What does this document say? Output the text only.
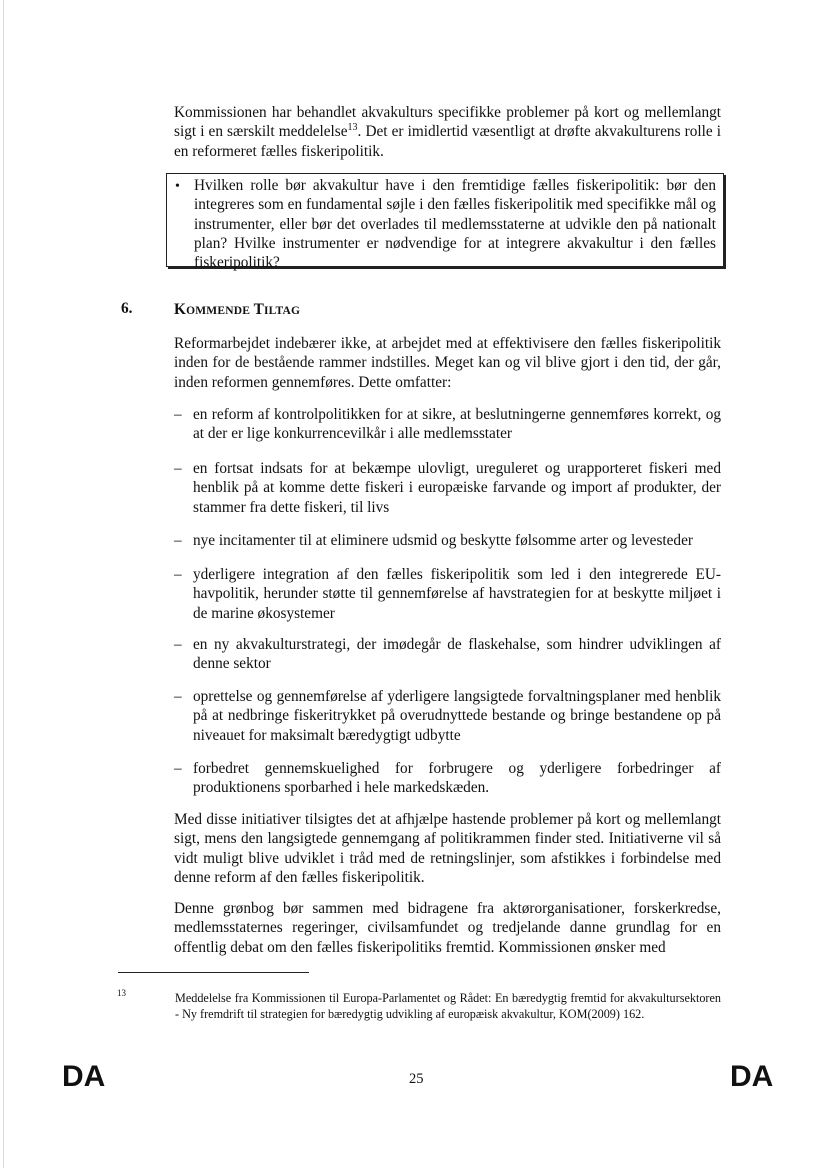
Kommissionen har behandlet akvakulturs specifikke problemer på kort og mellemlangt sigt i en særskilt meddelelse$^{13}$. Det er imidlertid væsentligt at drøfte akvakulturens rolle i en reformeret fælles fiskeripolitik.

• Hvilken rolle bør akvakultur have i den fremtidige fælles fiskeripolitik: bør den integreres som en fundamental søjle i den fælles fiskeripolitik med specifikke mål og instrumenter, eller bør det overlades til medlemsstaterne at udvikle den på nationalt plan? Hvilke instrumenter er nødvendige for at integrere akvakultur i den fælles fiskeripolitik?

6.	KOMMENDE TILTAG

Reformarbejdet indebærer ikke, at arbejdet med at effektivisere den fælles fiskeripolitik inden for de bestående rammer indstilles. Meget kan og vil blive gjort i den tid, der går, inden reformen gennemføres. Dette omfatter:

– en reform af kontrolpolitikken for at sikre, at beslutningerne gennemføres korrekt, og at der er lige konkurrencevilkår i alle medlemsstater

– en fortsat indsats for at bekæmpe ulovligt, ureguleret og urapporteret fiskeri med henblik på at komme dette fiskeri i europæiske farvande og import af produkter, der stammer fra dette fiskeri, til livs

– nye incitamenter til at eliminere udsmid og beskytte følsomme arter og levesteder

– yderligere integration af den fælles fiskeripolitik som led i den integrerede EU-havpolitik, herunder støtte til gennemførelse af havstrategien for at beskytte miljøet i de marine økosystemer

– en ny akvakulturstrategi, der imødegår de flaskehalse, som hindrer udviklingen af denne sektor

– oprettelse og gennemførelse af yderligere langsigtede forvaltningsplaner med henblik på at nedbringe fiskeritrykket på overudnyttede bestande og bringe bestandene op på niveauet for maksimalt bæredygtigt udbytte

– forbedret gennemskuelighed for forbrugere og yderligere forbedringer af produktionens sporbarhed i hele markedskæden.

Med disse initiativer tilsigtes det at afhjælpe hastende problemer på kort og mellemlangt sigt, mens den langsigtede gennemgang af politikrammen finder sted. Initiativerne vil så vidt muligt blive udviklet i tråd med de retningslinjer, som afstikkes i forbindelse med denne reform af den fælles fiskeripolitik.

Denne grønbog bør sammen med bidragene fra aktørorganisationer, forskerkredse, medlemsstaternes regeringer, civilsamfundet og tredjelande danne grundlag for en offentlig debat om den fælles fiskeripolitiks fremtid. Kommissionen ønsker med

13	Meddelelse fra Kommissionen til Europa-Parlamentet og Rådet: En bæredygtig fremtid for akvakultursektoren - Ny fremdrift til strategien for bæredygtig udvikling af europæisk akvakultur, KOM(2009) 162.

DA	25	DA
